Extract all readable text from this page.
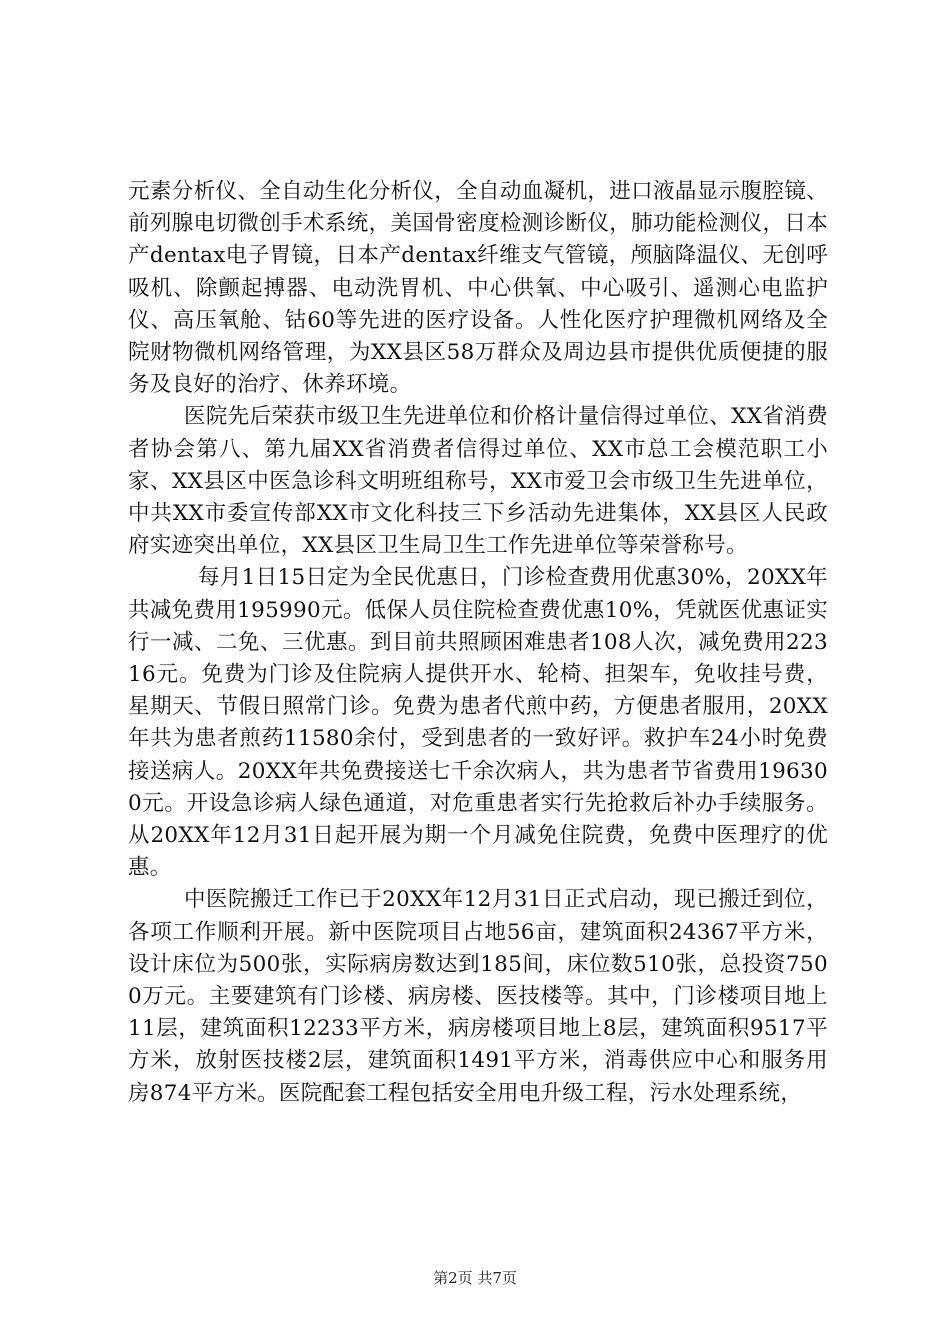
元素分析仪、全自动生化分析仪，全自动血凝机，进口液晶显示腹腔镜、前列腺电切微创手术系统，美国骨密度检测诊断仪，肺功能检测仪，日本产dentax电子胃镜，日本产dentax纤维支气管镜，颅脑降温仪、无创呼吸机、除颤起搏器、电动洗胃机、中心供氧、中心吸引、遥测心电监护仪、高压氧舱、钴60等先进的医疗设备。人性化医疗护理微机网络及全院财物微机网络管理，为XX县区58万群众及周边县市提供优质便捷的服务及良好的治疗、休养环境。

医院先后荣获市级卫生先进单位和价格计量信得过单位、XX省消费者协会第八、第九届XX省消费者信得过单位、XX市总工会模范职工小家、XX县区中医急诊科文明班组称号，XX市爱卫会市级卫生先进单位，中共XX市委宣传部XX市文化科技三下乡活动先进集体，XX县区人民政府实迹突出单位，XX县区卫生局卫生工作先进单位等荣誉称号。

每月1日15日定为全民优惠日，门诊检查费用优惠30%，20XX年共减免费用195990元。低保人员住院检查费优惠10%，凭就医优惠证实行一减、二免、三优惠。到目前共照顾困难患者108人次，减免费用22316元。免费为门诊及住院病人提供开水、轮椅、担架车，免收挂号费，星期天、节假日照常门诊。免费为患者代煎中药，方便患者服用，20XX年共为患者煎药11580余付，受到患者的一致好评。救护车24小时免费接送病人。20XX年共免费接送七千余次病人，共为患者节省费用196300元。开设急诊病人绿色通道，对危重患者实行先抢救后补办手续服务。从20XX年12月31日起开展为期一个月减免住院费，免费中医理疗的优惠。

中医院搬迁工作已于20XX年12月31日正式启动，现已搬迁到位，各项工作顺利开展。新中医院项目占地56亩，建筑面积24367平方米，设计床位为500张，实际病房数达到185间，床位数510张，总投资7500万元。主要建筑有门诊楼、病房楼、医技楼等。其中，门诊楼项目地上11层，建筑面积12233平方米，病房楼项目地上8层，建筑面积9517平方米，放射医技楼2层，建筑面积1491平方米，消毒供应中心和服务用房874平方米。医院配套工程包括安全用电升级工程，污水处理系统，

第2页 共7页
